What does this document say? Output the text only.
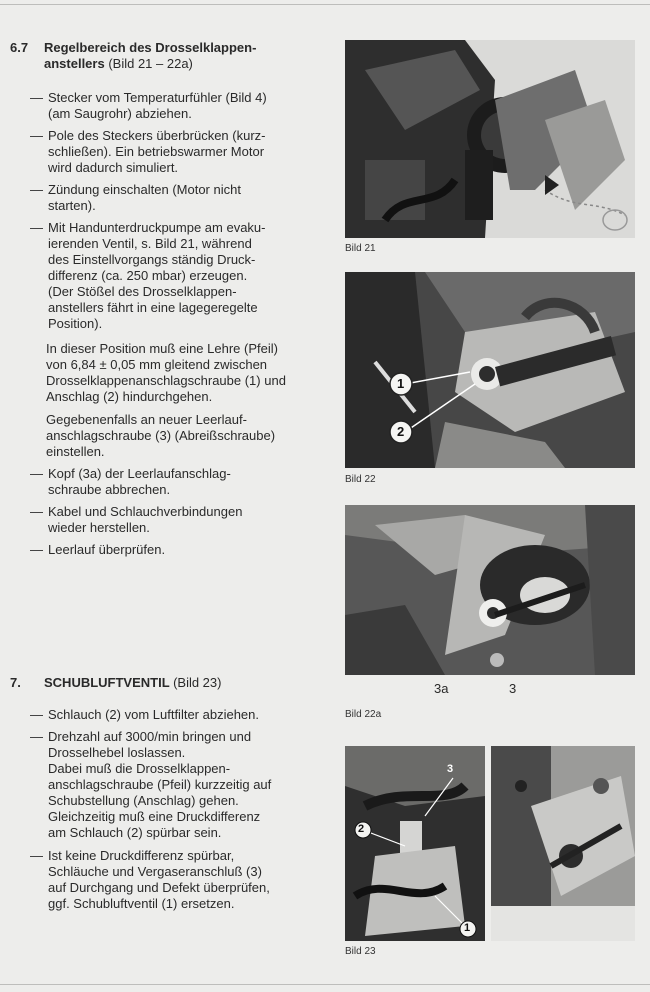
6.7 Regelbereich des Drosselklappen-
anstellers (Bild 21 – 22a)
— Stecker vom Temperaturfühler (Bild 4)
(am Saugrohr) abziehen.
— Pole des Steckers überbrücken (kurz-
schließen). Ein betriebswarmer Motor
wird dadurch simuliert.
— Zündung einschalten (Motor nicht
starten).
— Mit Handunterdruckpumpe am evaku-
ierenden Ventil, s. Bild 21, während
des Einstellvorgangs ständig Druck-
differenz (ca. 250 mbar) erzeugen.
(Der Stößel des Drosselklappen-
anstellers fährt in eine lagegeregelte
Position).
In dieser Position muß eine Lehre (Pfeil)
von 6,84 ± 0,05 mm gleitend zwischen
Drosselklappenanschlagschraube (1) und
Anschlag (2) hindurchgehen.
Gegebenenfalls an neuer Leerlauf-
anschlagschraube (3) (Abreißschraube)
einstellen.
— Kopf (3a) der Leerlaufanschlag-
schraube abbrechen.
— Kabel und Schlauchverbindungen
wieder herstellen.
— Leerlauf überprüfen.
7. SCHUBLUFTVENTIL (Bild 23)
— Schlauch (2) vom Luftfilter abziehen.
— Drehzahl auf 3000/min bringen und
Drosselhebel loslassen.
Dabei muß die Drosselklappen-
anschlagschraube (Pfeil) kurzzeitig auf
Schubstellung (Anschlag) gehen.
Gleichzeitig muß eine Druckdifferenz
am Schlauch (2) spürbar sein.
— Ist keine Druckdifferenz spürbar,
Schläuche und Vergaseranschluß (3)
auf Durchgang und Defekt überprüfen,
ggf. Schubluftventil (1) ersetzen.
Bild 21
1
2
Bild 22
3a	3
Bild 22a
2
3
1
Bild 23
